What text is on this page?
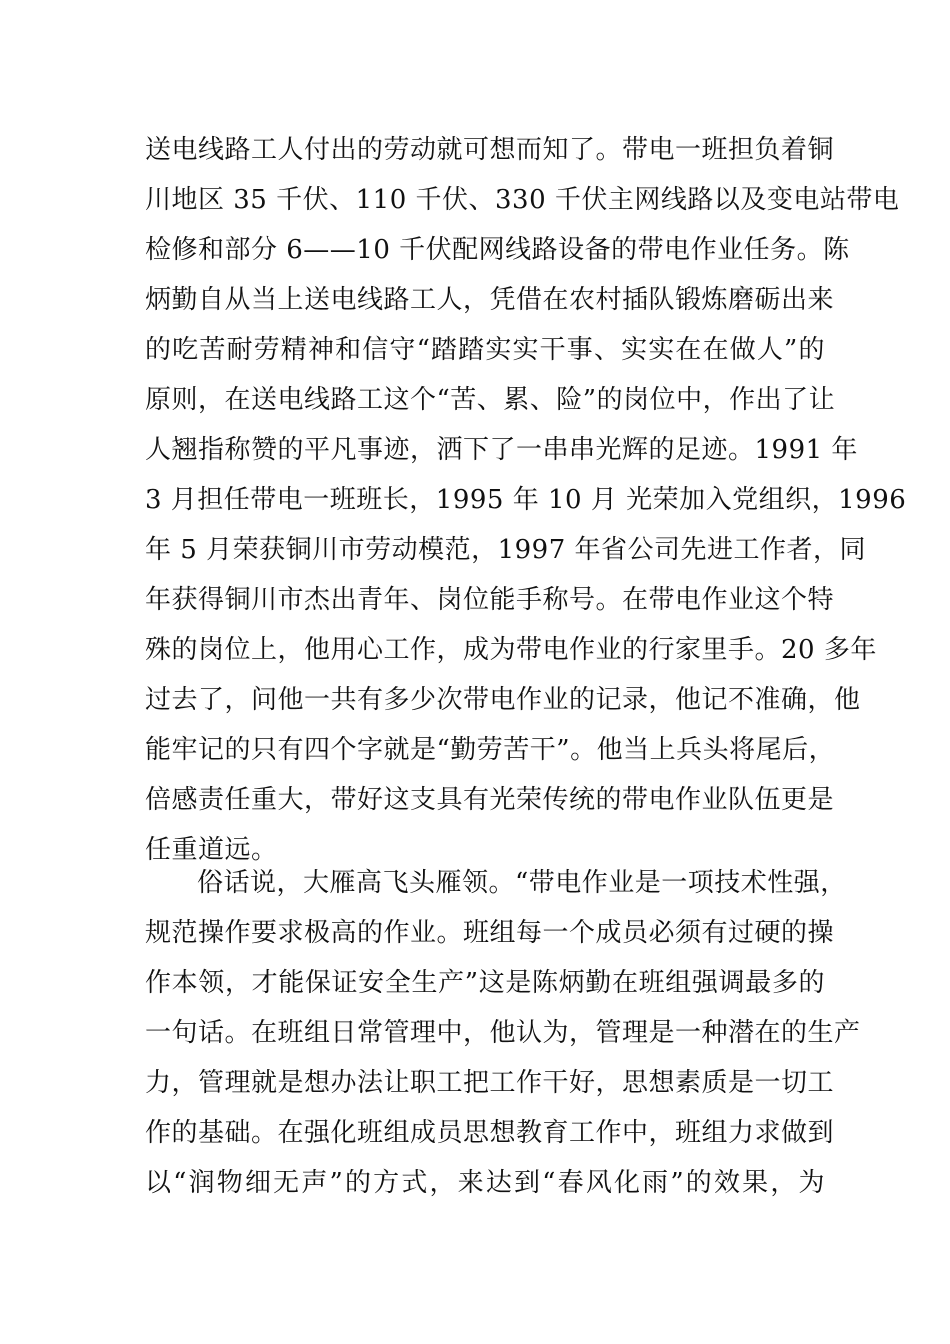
送电线路工人付出的劳动就可想而知了。带电一班担负着铜
川地区 35 千伏、110 千伏、330 千伏主网线路以及变电站带电
检修和部分 6——10 千伏配网线路设备的带电作业任务。陈
炳勤自从当上送电线路工人，凭借在农村插队锻炼磨砺出来
的吃苦耐劳精神和信守“踏踏实实干事、实实在在做人”的
原则，在送电线路工这个“苦、累、险”的岗位中，作出了让
人翘指称赞的平凡事迹，洒下了一串串光辉的足迹。1991 年
3 月担任带电一班班长，1995 年 10 月 光荣加入党组织，1996
年 5 月荣获铜川市劳动模范，1997 年省公司先进工作者，同
年获得铜川市杰出青年、岗位能手称号。在带电作业这个特
殊的岗位上，他用心工作，成为带电作业的行家里手。20 多年
过去了，问他一共有多少次带电作业的记录，他记不准确，他
能牢记的只有四个字就是“勤劳苦干”。他当上兵头将尾后，
倍感责任重大，带好这支具有光荣传统的带电作业队伍更是
任重道远。
俗话说，大雁高飞头雁领。“带电作业是一项技术性强，
规范操作要求极高的作业。班组每一个成员必须有过硬的操
作本领，才能保证安全生产”这是陈炳勤在班组强调最多的
一句话。在班组日常管理中，他认为，管理是一种潜在的生产
力，管理就是想办法让职工把工作干好，思想素质是一切工
作的基础。在强化班组成员思想教育工作中，班组力求做到
以“润物细无声”的方式，来达到“春风化雨”的效果，为
